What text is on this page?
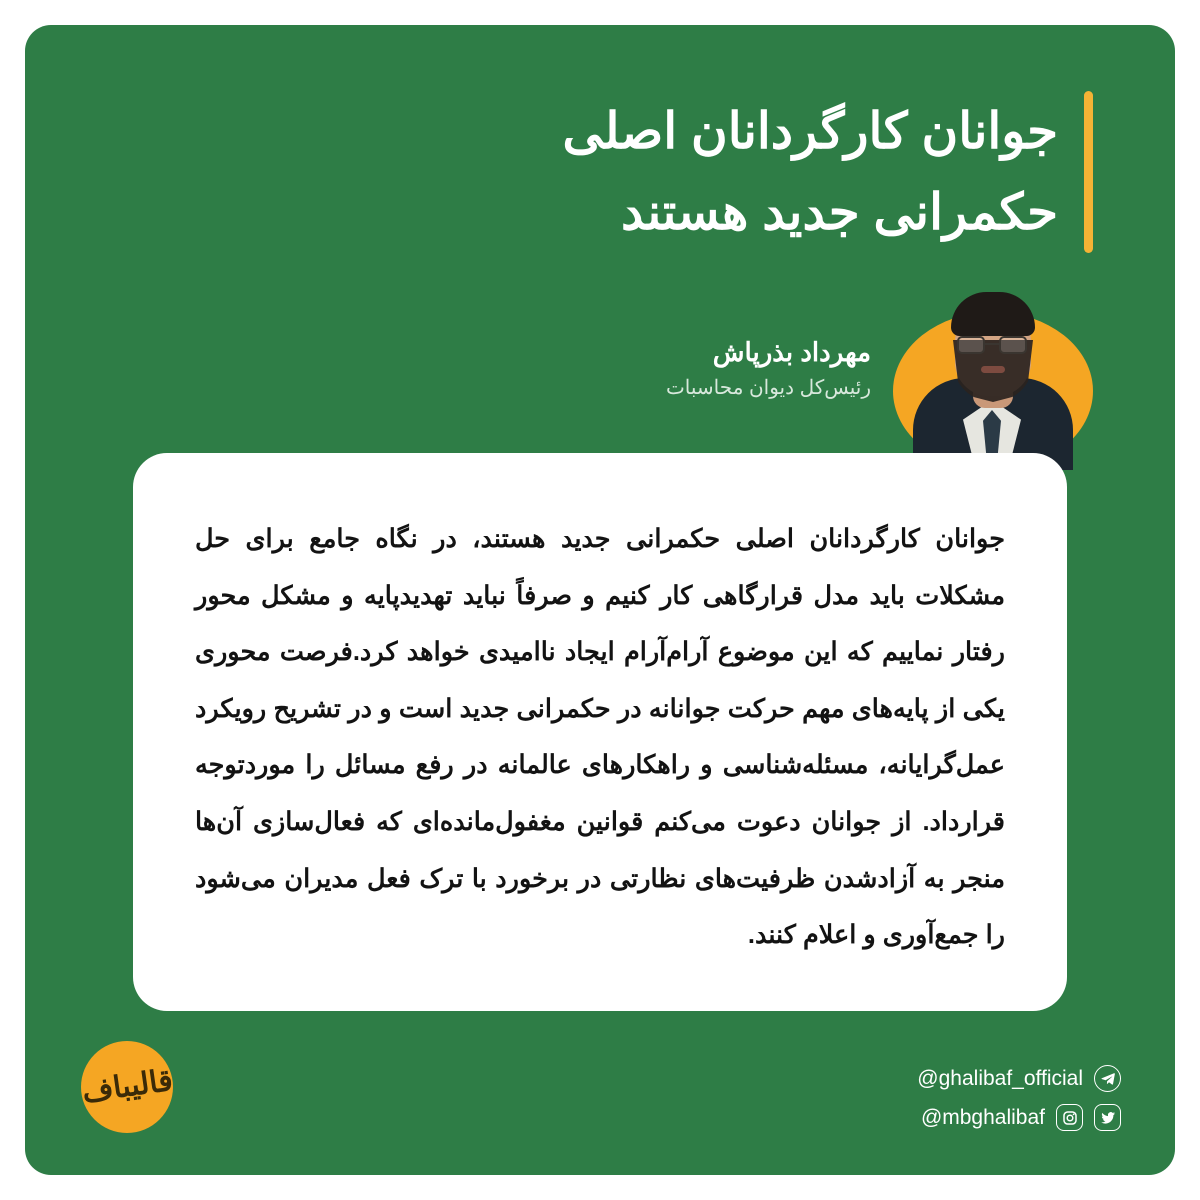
جوانان کارگردانان اصلی
حکمرانی جدید هستند
مهرداد بذرپاش
رئیس‌کل دیوان محاسبات

جوانان کارگردانان اصلی حکمرانی جدید هستند، در نگاه جامع برای حل مشکلات باید مدل قرارگاهی کار کنیم و صرفاً نباید تهدیدپایه و مشکل محور رفتار نماییم که این موضوع آرام‌آرام ایجاد ناامیدی خواهد کرد.فرصت محوری یکی از پایه‌های مهم حرکت جوانانه در حکمرانی جدید است و در تشریح رویکرد عمل‌گرایانه، مسئله‌شناسی و راهکارهای عالمانه در رفع مسائل را موردتوجه قرارداد. از جوانان دعوت می‌کنم قوانین مغفول‌مانده‌ای که فعال‌سازی آن‌ها منجر به آزادشدن ظرفیت‌های نظارتی در برخورد با ترک فعل مدیران می‌شود را جمع‌آوری و اعلام کنند.

@ghalibaf_official
@mbghalibaf
قالیباف
